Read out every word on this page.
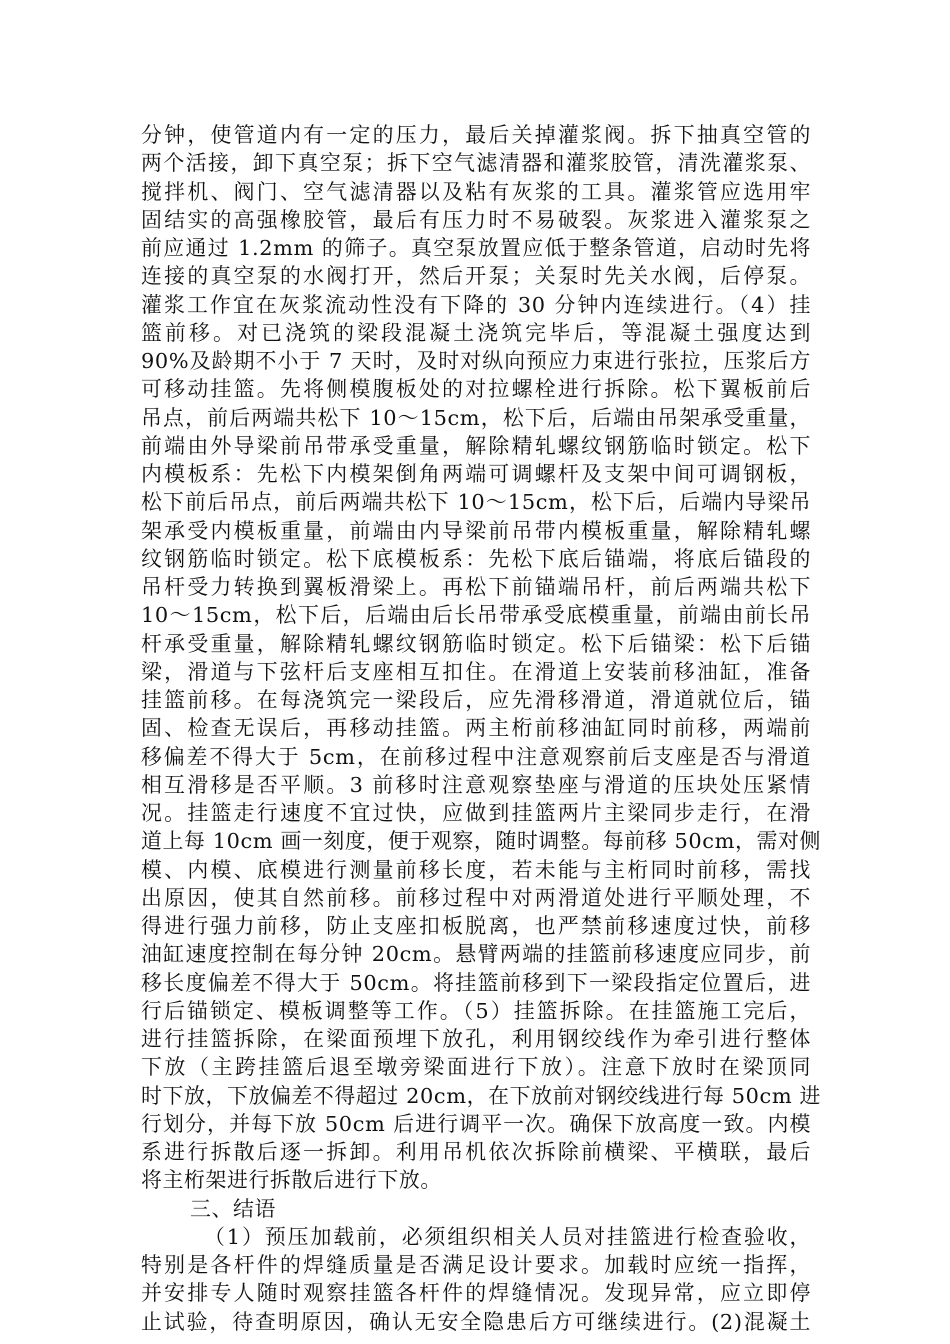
分钟，使管道内有一定的压力，最后关掉灌浆阀。拆下抽真空管的
两个活接，卸下真空泵；拆下空气滤清器和灌浆胶管，清洗灌浆泵、
搅拌机、阀门、空气滤清器以及粘有灰浆的工具。灌浆管应选用牢
固结实的高强橡胶管，最后有压力时不易破裂。灰浆进入灌浆泵之
前应通过 1.2mm 的筛子。真空泵放置应低于整条管道，启动时先将
连接的真空泵的水阀打开，然后开泵；关泵时先关水阀，后停泵。
灌浆工作宜在灰浆流动性没有下降的 30 分钟内连续进行。（4）挂
篮前移。对已浇筑的梁段混凝土浇筑完毕后，等混凝土强度达到
90%及龄期不小于 7 天时，及时对纵向预应力束进行张拉，压浆后方
可移动挂篮。先将侧模腹板处的对拉螺栓进行拆除。松下翼板前后
吊点，前后两端共松下 10～15cm，松下后，后端由吊架承受重量，
前端由外导梁前吊带承受重量，解除精轧螺纹钢筋临时锁定。松下
内模板系：先松下内模架倒角两端可调螺杆及支架中间可调钢板，
松下前后吊点，前后两端共松下 10～15cm，松下后，后端内导梁吊
架承受内模板重量，前端由内导梁前吊带内模板重量，解除精轧螺
纹钢筋临时锁定。松下底模板系：先松下底后锚端，将底后锚段的
吊杆受力转换到翼板滑梁上。再松下前锚端吊杆，前后两端共松下
10～15cm，松下后，后端由后长吊带承受底模重量，前端由前长吊
杆承受重量，解除精轧螺纹钢筋临时锁定。松下后锚梁：松下后锚
梁，滑道与下弦杆后支座相互扣住。在滑道上安装前移油缸，准备
挂篮前移。在每浇筑完一梁段后，应先滑移滑道，滑道就位后，锚
固、检查无误后，再移动挂篮。两主桁前移油缸同时前移，两端前
移偏差不得大于 5cm，在前移过程中注意观察前后支座是否与滑道
相互滑移是否平顺。3 前移时注意观察垫座与滑道的压块处压紧情
况。挂篮走行速度不宜过快，应做到挂篮两片主梁同步走行，在滑
道上每 10cm 画一刻度，便于观察，随时调整。每前移 50cm，需对侧
模、内模、底模进行测量前移长度，若未能与主桁同时前移，需找
出原因，使其自然前移。前移过程中对两滑道处进行平顺处理，不
得进行强力前移，防止支座扣板脱离，也严禁前移速度过快，前移
油缸速度控制在每分钟 20cm。悬臂两端的挂篮前移速度应同步，前
移长度偏差不得大于 50cm。将挂篮前移到下一梁段指定位置后，进
行后锚锁定、模板调整等工作。（5）挂篮拆除。在挂篮施工完后，
进行挂篮拆除，在梁面预埋下放孔，利用钢绞线作为牵引进行整体
下放（主跨挂篮后退至墩旁梁面进行下放）。注意下放时在梁顶同
时下放，下放偏差不得超过 20cm，在下放前对钢绞线进行每 50cm 进
行划分，并每下放 50cm 后进行调平一次。确保下放高度一致。内模
系进行拆散后逐一拆卸。利用吊机依次拆除前横梁、平横联，最后
将主桁架进行拆散后进行下放。
三、结语
（1）预压加载前，必须组织相关人员对挂篮进行检查验收，
特别是各杆件的焊缝质量是否满足设计要求。加载时应统一指挥，
并安排专人随时观察挂篮各杆件的焊缝情况。发现异常，应立即停
止试验，待查明原因，确认无安全隐患后方可继续进行。(2)混凝土
